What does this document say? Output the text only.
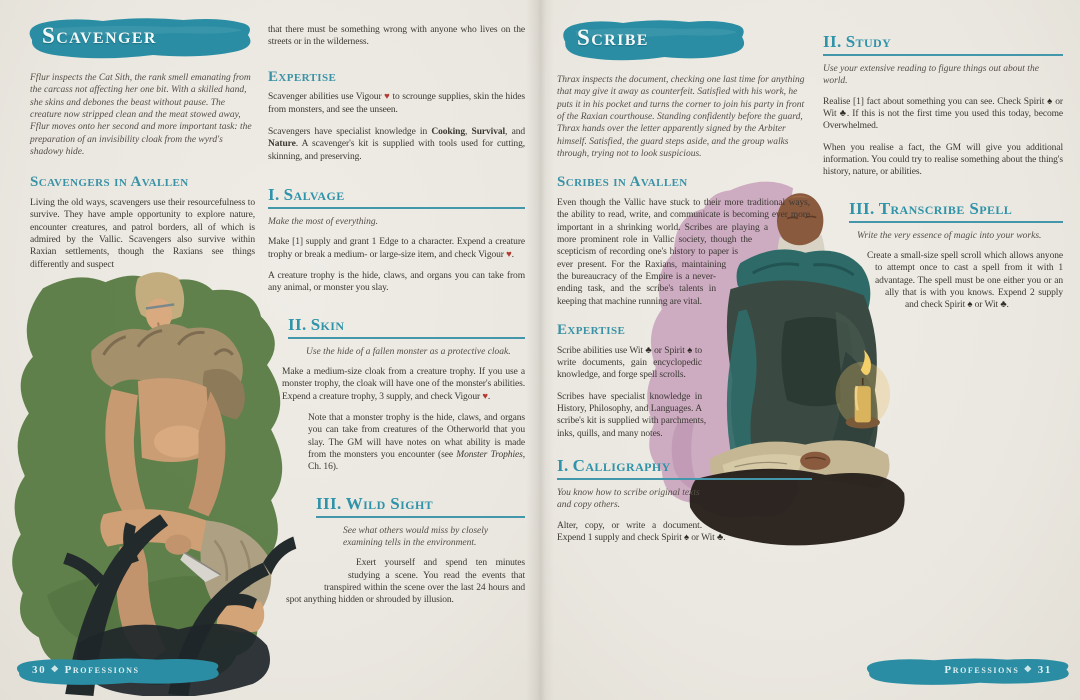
Scavenger

Fflur inspects the Cat Sith, the rank smell emanating from the carcass not affecting her one bit. With a skilled hand, she skins and debones the beast without pause. The creature now stripped clean and the meat stowed away, Fflur moves onto her second and more important task: the preparation of an invisibility cloak from the wyrd's shadowy hide.

Scavengers in Avallen

Living the old ways, scavengers use their resourcefulness to survive. They have ample opportunity to explore nature, encounter creatures, and patrol borders, all of which is admired by the Vallic. Scavengers also survive within Raxian settlements, though the Raxians see things differently and suspect

that there must be something wrong with anyone who lives on the streets or in the wilderness.

Expertise

Scavenger abilities use Vigour ♥ to scrounge supplies, skin the hides from monsters, and see the unseen.

Scavengers have specialist knowledge in Cooking, Survival, and Nature. A scavenger's kit is supplied with tools used for cutting, skinning, and preserving.

I. Salvage

Make the most of everything.

Make [1] supply and grant 1 Edge to a character. Expend a creature trophy or break a medium- or large-size item, and check Vigour ♥.

A creature trophy is the hide, claws, and organs you can take from any animal, or monster you slay.

II. Skin

Use the hide of a fallen monster as a protective cloak.

Make a medium-size cloak from a creature trophy. If you use a monster trophy, the cloak will have one of the monster's abilities. Expend a creature trophy, 3 supply, and check Vigour ♥.

Note that a monster trophy is the hide, claws, and organs you can take from creatures of the Otherworld that you slay. The GM will have notes on what ability is made from the monsters you encounter (see Monster Trophies, Ch. 16).

III. Wild Sight

See what others would miss by closely examining tells in the environment.

Exert yourself and spend ten minutes studying a scene. You read the events that transpired within the scene over the last 24 hours and spot anything hidden or shrouded by illusion.

30 ❖ Professions
Scribe

Thrax inspects the document, checking one last time for anything that may give it away as counterfeit. Satisfied with his work, he puts it in his pocket and turns the corner to join his party in front of the Raxian courthouse. Standing confidently before the guard, Thrax hands over the letter apparently signed by the Arbiter himself. Satisfied, the guard steps aside, and the group walks through, trying not to look suspicious.

Scribes in Avallen

Even though the Vallic have stuck to their more traditional ways, the ability to read, write, and communicate is becoming ever more important in a shrinking world. Scribes are playing a more prominent role in Vallic society, though the scepticism of recording one's history to paper is ever present. For the Raxians, maintaining the bureaucracy of the Empire is a never-ending task, and the scribe's talents in keeping that machine running are vital.

Expertise

Scribe abilities use Wit ♣ or Spirit ♠ to write documents, gain encyclopedic knowledge, and forge spell scrolls.

Scribes have specialist knowledge in History, Philosophy, and Languages. A scribe's kit is supplied with parchments, inks, quills, and many notes.

I. Calligraphy

You know how to scribe original texts and copy others.

Alter, copy, or write a document. Expend 1 supply and check Spirit ♠ or Wit ♣.

II. Study

Use your extensive reading to figure things out about the world.

Realise [1] fact about something you can see. Check Spirit ♠ or Wit ♣. If this is not the first time you used this today, become Overwhelmed.

When you realise a fact, the GM will give you additional information. You could try to realise something about the thing's history, nature, or abilities.

III. Transcribe Spell

Write the very essence of magic into your works.

Create a small-size spell scroll which allows anyone to attempt once to cast a spell from it with 1 advantage. The spell must be one either you or an ally that is with you knows. Expend 2 supply and check Spirit ♠ or Wit ♣.

Professions ❖ 31
